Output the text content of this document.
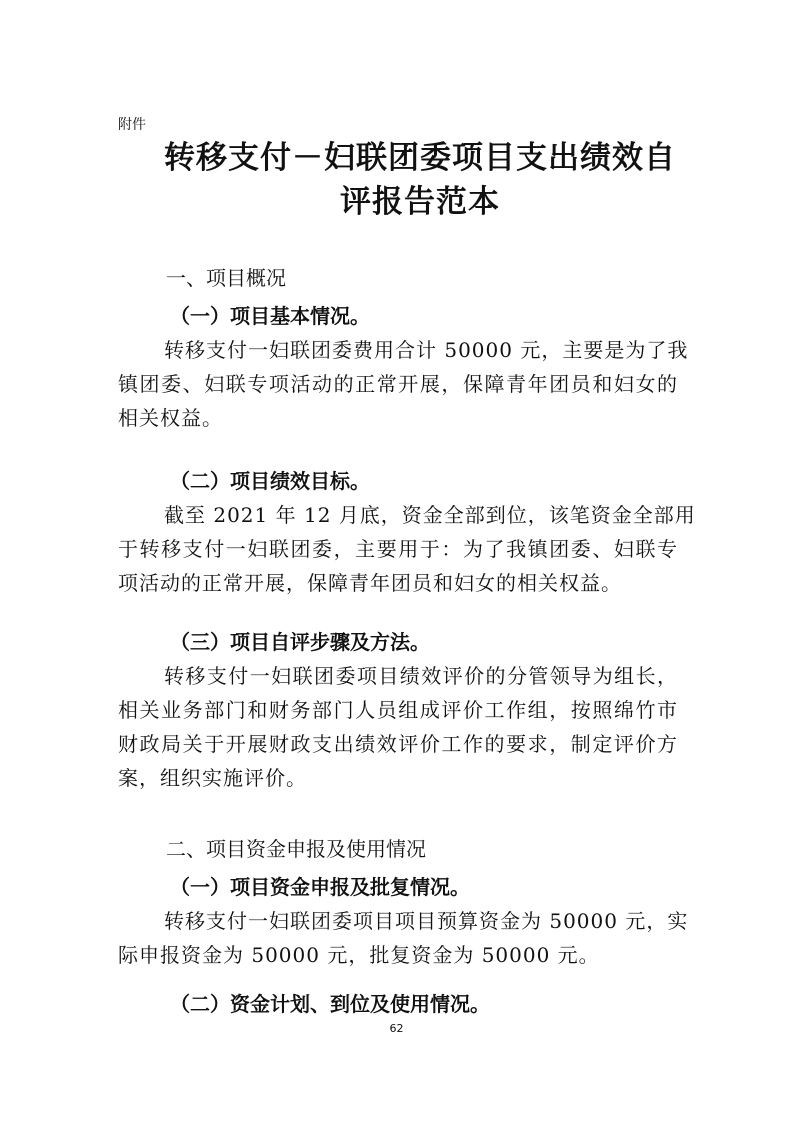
附件
转移支付－妇联团委项目支出绩效自
评报告范本
一、项目概况
（一）项目基本情况。
转移支付一妇联团委费用合计 50000 元，主要是为了我
镇团委、妇联专项活动的正常开展，保障青年团员和妇女的
相关权益。
（二）项目绩效目标。
截至 2021 年 12 月底，资金全部到位，该笔资金全部用
于转移支付一妇联团委，主要用于：为了我镇团委、妇联专
项活动的正常开展，保障青年团员和妇女的相关权益。
（三）项目自评步骤及方法。
转移支付一妇联团委项目绩效评价的分管领导为组长，
相关业务部门和财务部门人员组成评价工作组，按照绵竹市
财政局关于开展财政支出绩效评价工作的要求，制定评价方
案，组织实施评价。
二、项目资金申报及使用情况
（一）项目资金申报及批复情况。
转移支付一妇联团委项目项目预算资金为 50000 元，实
际申报资金为 50000 元，批复资金为 50000 元。
（二）资金计划、到位及使用情况。
62
